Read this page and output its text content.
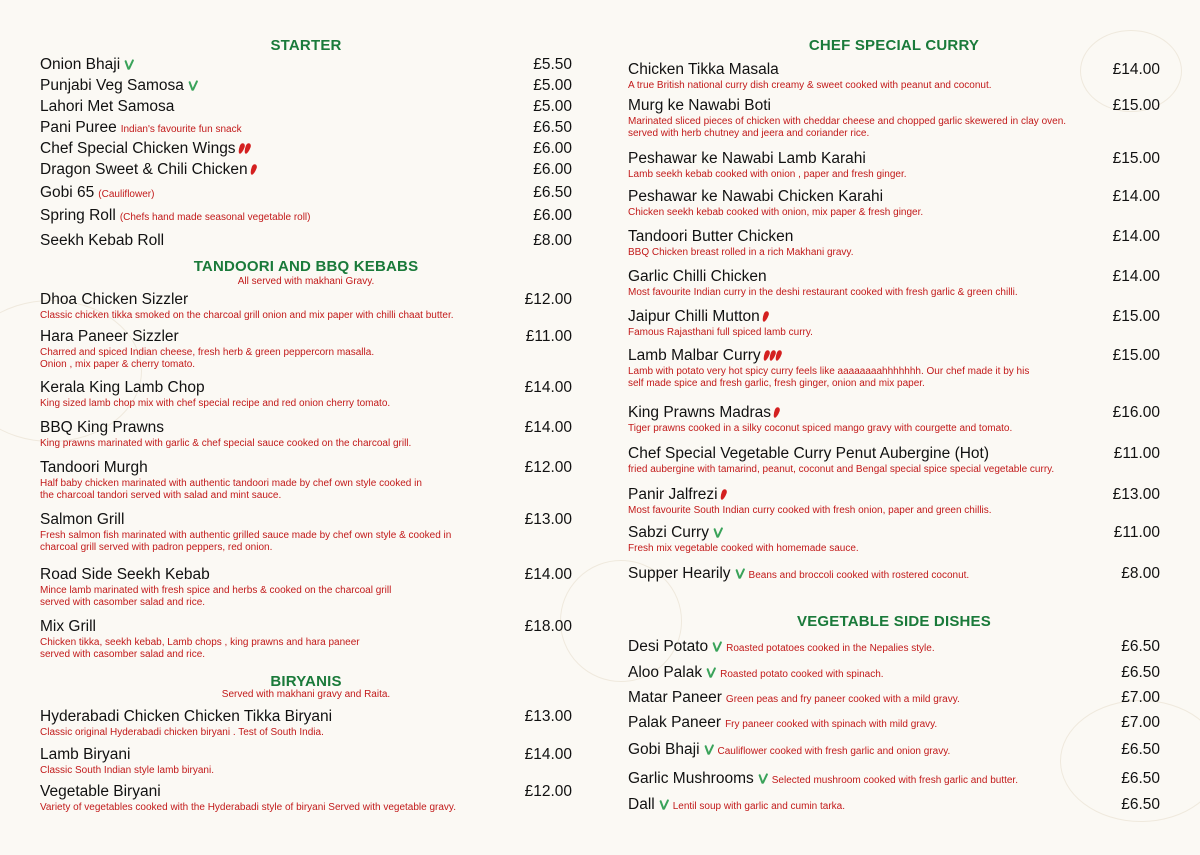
STARTER
Onion Bhaji	£5.50
Punjabi Veg Samosa	£5.00
Lahori Met Samosa	£5.00
Pani Puree Indian's favourite fun snack	£6.50
Chef Special Chicken Wings	£6.00
Dragon Sweet & Chili Chicken	£6.00
Gobi 65 (Cauliflower)	£6.50
Spring Roll (Chefs hand made seasonal vegetable roll)	£6.00
Seekh Kebab Roll	£8.00
TANDOORI AND BBQ KEBABS
All served with makhani Gravy.
Dhoa Chicken Sizzler	£12.00
Classic chicken tikka smoked on the charcoal grill onion and mix paper with chilli chaat butter.
Hara Paneer Sizzler	£11.00
Charred and spiced Indian cheese, fresh herb & green peppercorn masalla.
Onion , mix paper & cherry tomato.
Kerala King Lamb Chop	£14.00
King sized lamb chop mix with chef special recipe and red onion cherry tomato.
BBQ King Prawns	£14.00
King prawns marinated with garlic & chef special sauce cooked on the charcoal grill.
Tandoori Murgh	£12.00
Half baby chicken marinated with authentic tandoori made by chef own style cooked in
the charcoal tandori served with salad and mint sauce.
Salmon Grill	£13.00
Fresh salmon fish marinated with authentic grilled sauce made by chef own style & cooked in
charcoal grill served with padron peppers, red onion.
Road Side Seekh Kebab	£14.00
Mince lamb marinated with fresh spice and herbs & cooked on the charcoal grill
served with casomber salad and rice.
Mix Grill	£18.00
Chicken tikka, seekh kebab, Lamb chops , king prawns and hara paneer
served with casomber salad and rice.
BIRYANIS
Served with makhani gravy and Raita.
Hyderabadi Chicken Chicken Tikka Biryani	£13.00
Classic original Hyderabadi chicken biryani . Test of South India.
Lamb Biryani	£14.00
Classic South Indian style lamb biryani.
Vegetable Biryani	£12.00
Variety of vegetables cooked with the Hyderabadi style of biryani Served with vegetable gravy.
CHEF SPECIAL CURRY
Chicken Tikka Masala	£14.00
A true British national curry dish creamy & sweet cooked with peanut and coconut.
Murg ke Nawabi Boti	£15.00
Marinated sliced pieces of chicken with cheddar cheese and chopped garlic skewered in clay oven.
served with herb chutney and jeera and coriander rice.
Peshawar ke Nawabi Lamb Karahi	£15.00
Lamb seekh kebab cooked with onion , paper and fresh ginger.
Peshawar ke Nawabi Chicken Karahi	£14.00
Chicken seekh kebab cooked with onion, mix paper & fresh ginger.
Tandoori Butter Chicken	£14.00
BBQ Chicken breast rolled in a rich Makhani gravy.
Garlic Chilli Chicken	£14.00
Most favourite Indian curry in the deshi restaurant cooked with fresh garlic & green chilli.
Jaipur Chilli Mutton	£15.00
Famous Rajasthani full spiced lamb curry.
Lamb Malbar Curry	£15.00
Lamb with potato very hot spicy curry feels like aaaaaaaahhhhhhh. Our chef made it by his
self made spice and fresh garlic, fresh ginger, onion and mix paper.
King Prawns Madras	£16.00
Tiger prawns cooked in a silky coconut spiced mango gravy with courgette and tomato.
Chef Special Vegetable Curry Penut Aubergine (Hot)	£11.00
fried aubergine with tamarind, peanut, coconut and Bengal special spice special vegetable curry.
Panir Jalfrezi	£13.00
Most favourite South Indian curry cooked with fresh onion, paper and green chillis.
Sabzi Curry	£11.00
Fresh mix vegetable cooked with homemade sauce.
Supper Hearily Beans and broccoli cooked with rostered coconut.	£8.00
VEGETABLE SIDE DISHES
Desi Potato Roasted potatoes cooked in the Nepalies style.	£6.50
Aloo Palak Roasted potato cooked with spinach.	£6.50
Matar Paneer Green peas and fry paneer cooked with a mild gravy.	£7.00
Palak Paneer Fry paneer cooked with spinach with mild gravy.	£7.00
Gobi Bhaji Cauliflower cooked with fresh garlic and onion gravy.	£6.50
Garlic Mushrooms Selected mushroom cooked with fresh garlic and butter.	£6.50
Dall Lentil soup with garlic and cumin tarka.	£6.50
